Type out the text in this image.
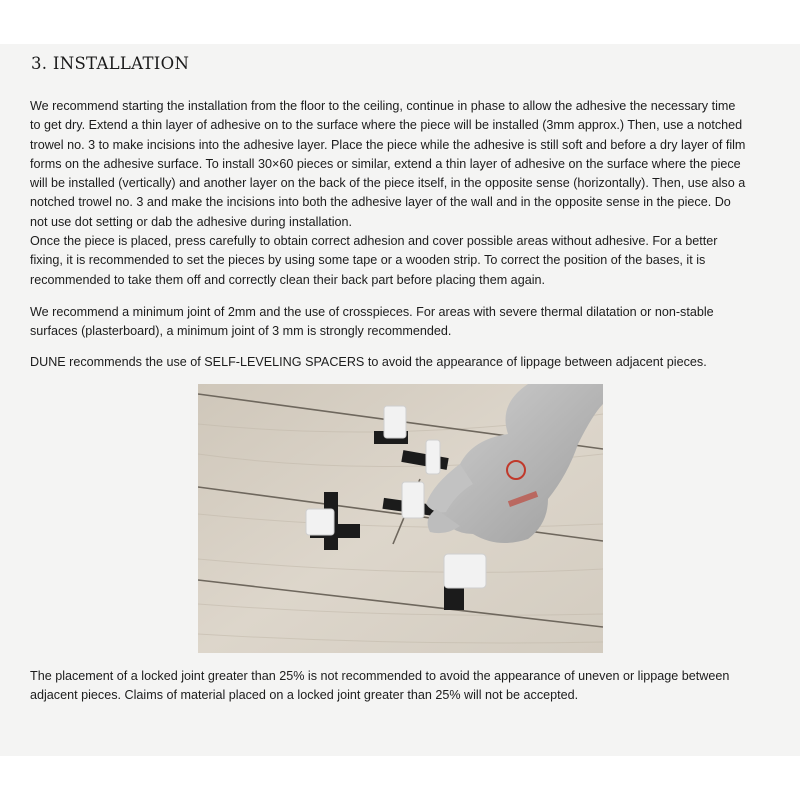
3. INSTALLATION
We recommend starting the installation from the floor to the ceiling, continue in phase to allow the adhesive the necessary time
to get dry. Extend a thin layer of adhesive on to the surface where the piece will be installed (3mm approx.) Then, use a notched
trowel no. 3 to make incisions into the adhesive layer. Place the piece while the adhesive is still soft and before a dry layer of film
forms on the adhesive surface. To install 30×60 pieces or similar, extend a thin layer of adhesive on the surface where the piece
will be installed (vertically) and another layer on the back of the piece itself, in the opposite sense (horizontally). Then, use also a
notched trowel no. 3 and make the incisions into both the adhesive layer of the wall and in the opposite sense in the piece. Do
not use dot setting or dab the adhesive during installation.
Once the piece is placed, press carefully to obtain correct adhesion and cover possible areas without adhesive. For a better
fixing, it is recommended to set the pieces by using some tape or a wooden strip. To correct the position of the bases, it is
recommended to take them off and correctly clean their back part before placing them again.
We recommend a minimum joint of 2mm and the use of crosspieces. For areas with severe thermal dilatation or non-stable
surfaces (plasterboard), a minimum joint of 3 mm is strongly recommended.
DUNE recommends the use of SELF-LEVELING SPACERS to avoid the appearance of lippage between adjacent pieces.
The placement of a locked joint greater than 25% is not recommended to avoid the appearance of uneven or lippage between
adjacent pieces. Claims of material placed on a locked joint greater than 25% will not be accepted.
